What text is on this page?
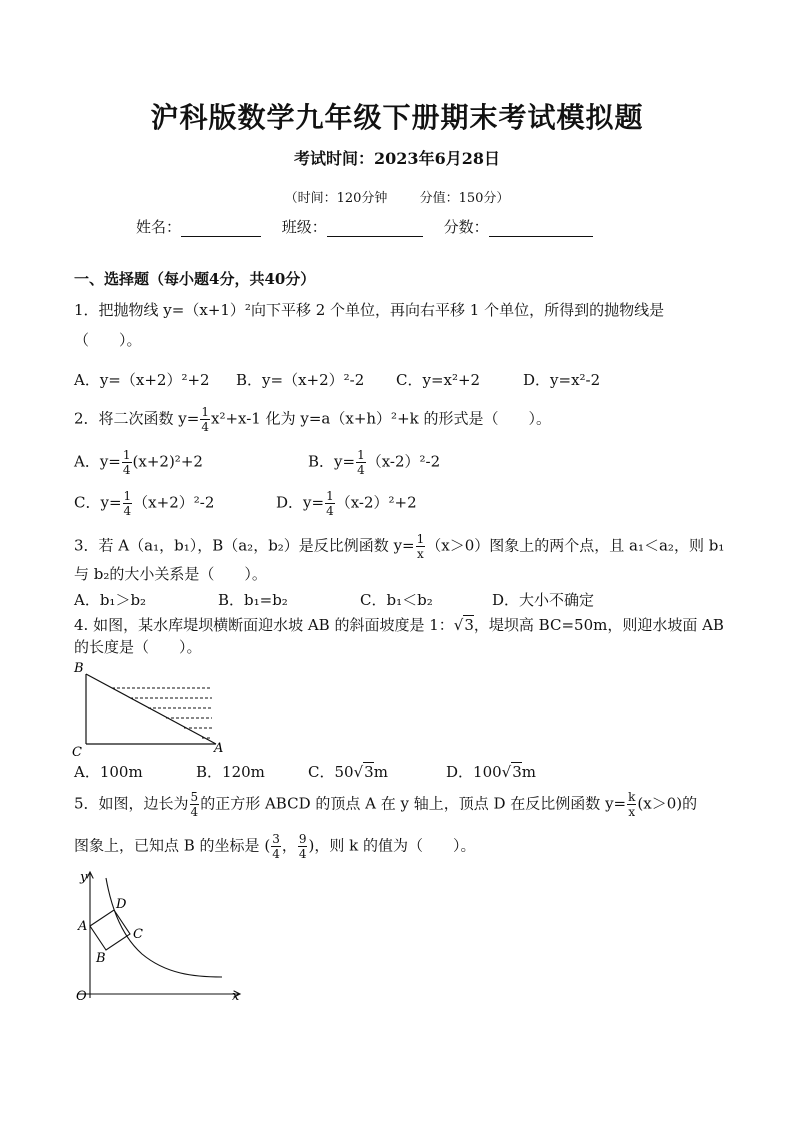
沪科版数学九年级下册期末考试模拟题
考试时间：2023年6月28日
（时间：120分钟 分值：150分）
姓名：	班级：	分数：
一、选择题（每小题4分，共40分）
1．把抛物线 y=（x+1）²向下平移 2 个单位，再向右平移 1 个单位，所得到的抛物线是
（　　）。
A．y=（x+2）²+2 B．y=（x+2）²-2 C．y=x²+2	D．y=x²-2
2．将二次函数 $y= \frac{1}{4} x^2+x-1$ 化为 y=a（x+h）²+k 的形式是（　　）。
A．$y= \frac{1}{4} (x+2)^2+2$	B．$y= \frac{1}{4} (x-2)^2-2$
C．$y= \frac{1}{4} (x+2)^2-2$	D．$y= \frac{1}{4} (x-2)^2+2$
3．若 A（a₁，b₁），B（a₂，b₂）是反比例函数 $y= \frac{1}{x} (x>0)$图象上的两个点，且 a₁＜a₂，则 b₁
与 b₂的大小关系是（　　）。
A．b₁＞b₂	B．b₁=b₂	C．b₁＜b₂	D．大小不确定
4. 如图，某水库堤坝横断面迎水坡 AB 的斜面坡度是 1：√3，堤坝高 BC=50m，则迎水坡面 AB
的长度是（　　）。
B
C	A
A．100m	B．120m	C．50√3m	D．100√3m
5．如图，边长为 $\frac{5}{4}$ 的正方形 ABCD 的顶点 A 在 y 轴上，顶点 D 在反比例函数 $y= \frac{k}{x} (x>0)$的
图象上，已知点 B 的坐标是 ( $\frac{3}{4}$ ， $\frac{9}{4}$ )，则 k 的值为（　　）。
y
x
O
A
B
C
D
